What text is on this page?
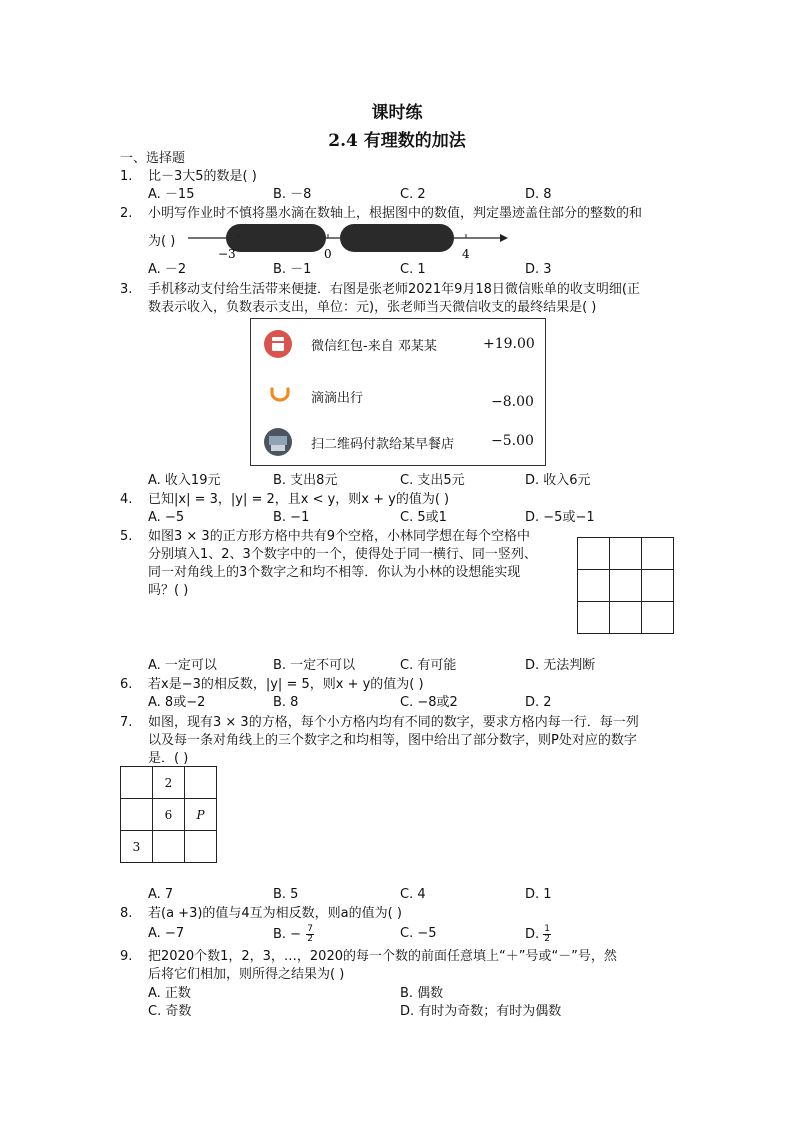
课时练
2.4 有理数的加法
一、选择题
1. 比－3大5的数是( )
A. －15	B. －8	C. 2	D. 8
2. 小明写作业时不慎将墨水滴在数轴上，根据图中的数值，判定墨迹盖住部分的整数的和
为( )
−3	0	4
A. －2	B. －1	C. 1	D. 3
3. 手机移动支付给生活带来便捷．右图是张老师2021年9月18日微信账单的收支明细(正
数表示收入，负数表示支出，单位：元)，张老师当天微信收支的最终结果是( )
微信红包-来自 邓某某	+19.00
滴滴出行	−8.00
扫二维码付款给某早餐店	−5.00
A. 收入19元	B. 支出8元	C. 支出5元	D. 收入6元
4. 已知|x| = 3，|y| = 2，且x < y，则x + y的值为( )
A. −5	B. −1	C. 5或1	D. −5或−1
5. 如图3 × 3的正方形方格中共有9个空格，小林同学想在每个空格中
分别填入1、2、3个数字中的一个，使得处于同一横行、同一竖列、
同一对角线上的3个数字之和均不相等．你认为小林的设想能实现
吗？( )

A. 一定可以	B. 一定不可以	C. 有可能	D. 无法判断
6. 若x是−3的相反数，|y| = 5，则x + y的值为( )
A. 8或−2	B. 8	C. −8或2	D. 2
7. 如图，现有3 × 3的方格，每个小方格内均有不同的数字，要求方格内每一行．每一列
以及每一条对角线上的三个数字之和均相等，图中给出了部分数字，则P处对应的数字
是．( )
	2	
	6	P
3		
A. 7	B. 5	C. 4	D. 1
8. 若(a +3)的值与4互为相反数，则a的值为( )
A. −7	B. − $\frac{7}{2}$	C. −5	D. $\frac{1}{2}$
9. 把2020个数1，2，3，…，2020的每一个数的前面任意填上“＋”号或“－”号，然
后将它们相加，则所得之结果为( )
A. 正数	B. 偶数
C. 奇数	D. 有时为奇数；有时为偶数
